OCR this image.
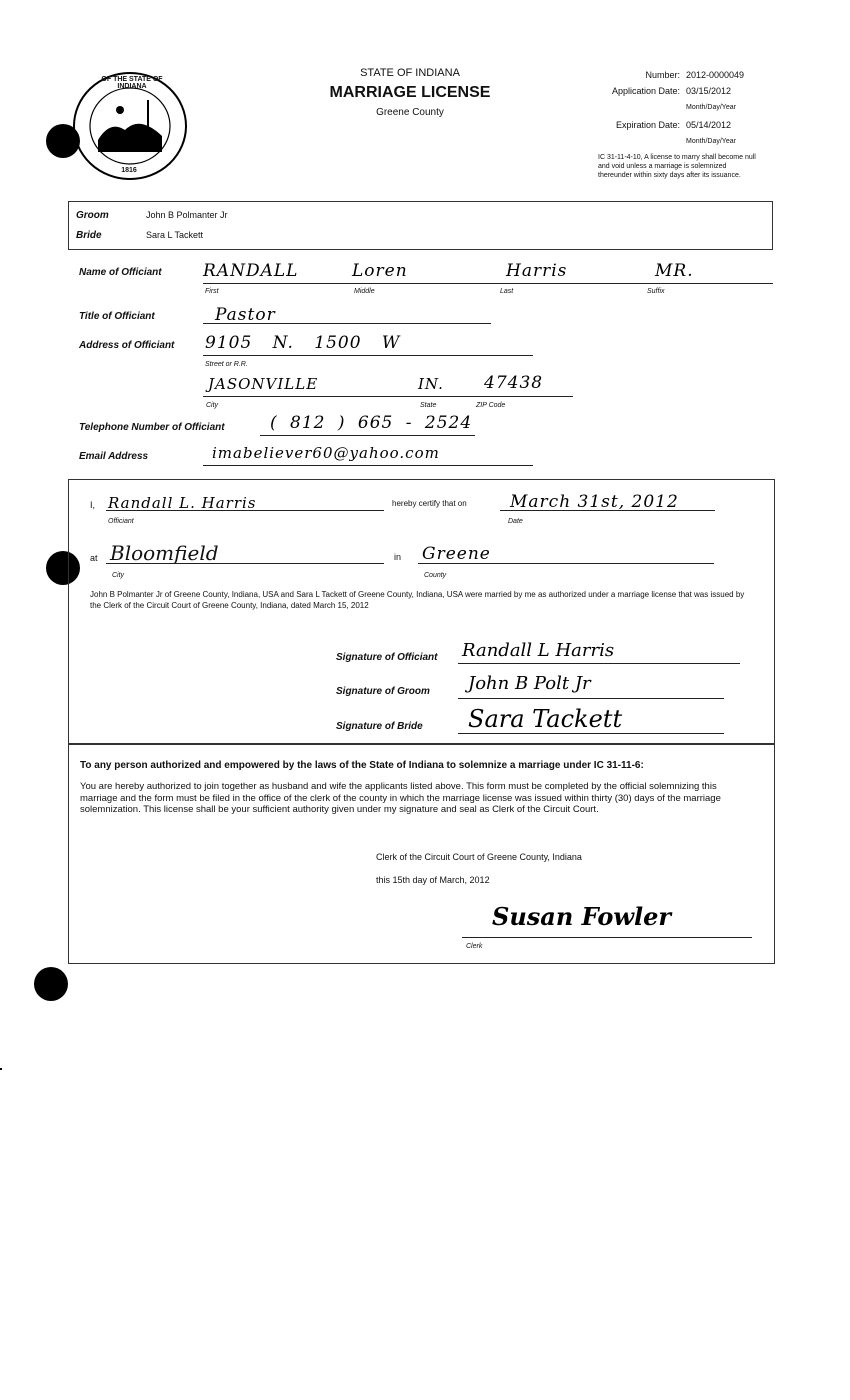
OF THE STATE OF INDIANA
1816
STATE OF INDIANA
MARRIAGE LICENSE
Greene County
Number: 2012-0000049
Application Date: 03/15/2012
Month/Day/Year
Expiration Date: 05/14/2012
Month/Day/Year
IC 31-11-4-10, A license to marry shall become null and void unless a marriage is solemnized thereunder within sixty days after its issuance.
Groom	John B Polmanter Jr
Bride	Sara L Tackett
Name of Officiant RANDALL	Loren	Harris	MR.
First	Middle	Last	Suffix
Title of Officiant	Pastor
Address of Officiant 9105 N. 1500 W
Street or R.R.
JASONVILLE	IN. 47438
City	State	ZIP Code
Telephone Number of Officiant	( 812 ) 665 - 2524
Email Address	imabeliever60@yahoo.com
I, Randall L. Harris
Officiant
hereby certify that on	March 31st, 2012
Date
at Bloomfield
City
in Greene
County
John B Polmanter Jr of Greene County, Indiana, USA and Sara L Tackett of Greene County, Indiana, USA were married by me as authorized under a marriage license that was issued by the Clerk of the Circuit Court of Greene County, Indiana, dated March 15, 2012
Signature of Officiant Randall L Harris
Signature of Groom John B Polt Jr
Signature of Bride Sara Tackett
To any person authorized and empowered by the laws of the State of Indiana to solemnize a marriage under IC 31-11-6:
You are hereby authorized to join together as husband and wife the applicants listed above. This form must be completed by the official solemnizing this marriage and the form must be filed in the office of the clerk of the county in which the marriage license was issued within thirty (30) days of the marriage solemnization. This license shall be your sufficient authority given under my signature and seal as Clerk of the Circuit Court.
Clerk of the Circuit Court of Greene County, Indiana
this 15th day of March, 2012
Susan Fowler
Clerk
